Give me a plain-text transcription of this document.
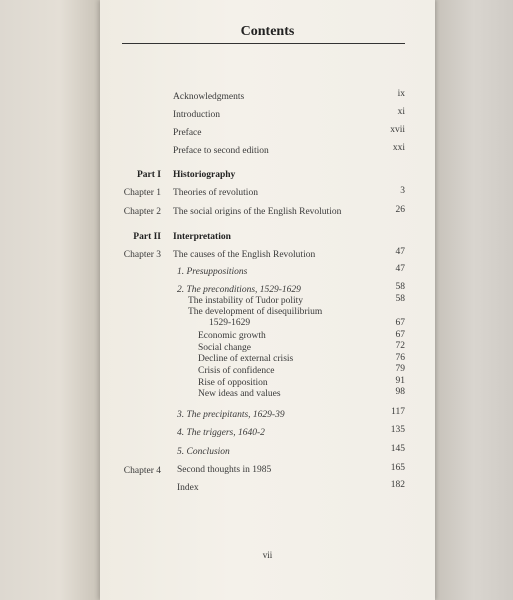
Contents
Acknowledgments	ix
Introduction	xi
Preface	xvii
Preface to second edition	xxi
Part I Historiography
Chapter 1 Theories of revolution	3
Chapter 2 The social origins of the English Revolution	26
Part II Interpretation
Chapter 3 The causes of the English Revolution	47
1. Presuppositions	47
2. The preconditions, 1529-1629	58
The instability of Tudor polity	58
The development of disequilibrium
1529-1629	67
Economic growth	67
Social change	72
Decline of external crisis	76
Crisis of confidence	79
Rise of opposition	91
New ideas and values	98
3. The precipitants, 1629-39	117
4. The triggers, 1640-2	135
5. Conclusion	145
Chapter 4 Second thoughts in 1985	165
Index	182
vii
